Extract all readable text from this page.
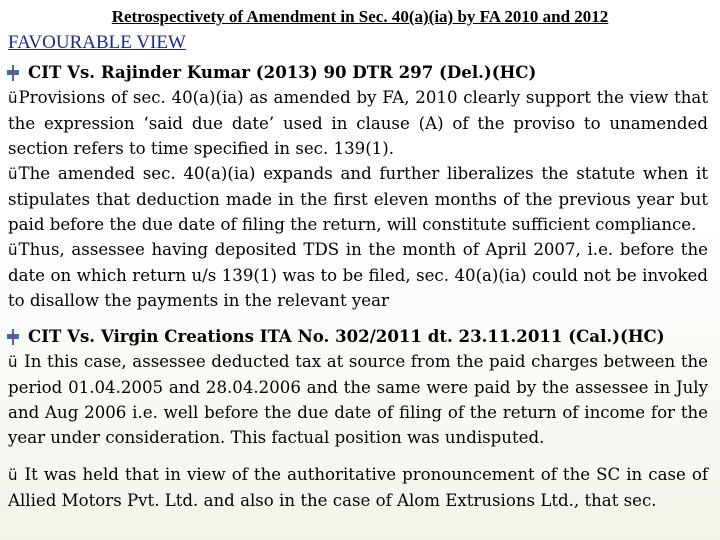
Retrospectivety of Amendment in Sec. 40(a)(ia) by FA 2010 and 2012
FAVOURABLE VIEW
CIT Vs. Rajinder Kumar (2013) 90 DTR 297 (Del.)(HC)

üProvisions of sec. 40(a)(ia) as amended by FA, 2010 clearly support the view that the expression ‘said due date’ used in clause (A) of the proviso to unamended section refers to time specified in sec. 139(1).

üThe amended sec. 40(a)(ia) expands and further liberalizes the statute when it stipulates that deduction made in the first eleven months of the previous year but paid before the due date of filing the return, will constitute sufficient compliance.

üThus, assessee having deposited TDS in the month of April 2007, i.e. before the date on which return u/s 139(1) was to be filed, sec. 40(a)(ia) could not be invoked to disallow the payments in the relevant year

CIT Vs. Virgin Creations ITA No. 302/2011 dt. 23.11.2011 (Cal.)(HC)

ü In this case, assessee deducted tax at source from the paid charges between the period 01.04.2005 and 28.04.2006 and the same were paid by the assessee in July and Aug 2006 i.e. well before the due date of filing of the return of income for the year under consideration. This factual position was undisputed.

ü It was held that in view of the authoritative pronouncement of the SC in case of Allied Motors Pvt. Ltd. and also in the case of Alom Extrusions Ltd., that sec.
